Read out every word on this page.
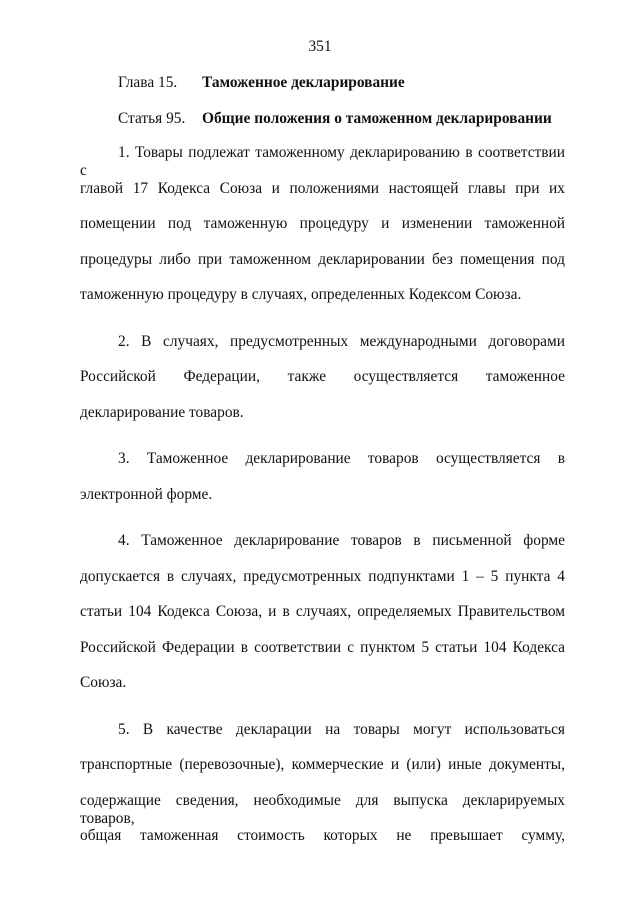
351
Глава 15. Таможенное декларирование
Статья 95. Общие положения о таможенном декларировании
1. Товары подлежат таможенному декларированию в соответствии с
главой 17 Кодекса Союза и положениями настоящей главы при их
помещении под таможенную процедуру и изменении таможенной
процедуры либо при таможенном декларировании без помещения под
таможенную процедуру в случаях, определенных Кодексом Союза.
2. В случаях, предусмотренных международными договорами
Российской Федерации, также осуществляется таможенное
декларирование товаров.
3. Таможенное декларирование товаров осуществляется в
электронной форме.
4. Таможенное декларирование товаров в письменной форме
допускается в случаях, предусмотренных подпунктами 1 – 5 пункта 4
статьи 104 Кодекса Союза, и в случаях, определяемых Правительством
Российской Федерации в соответствии с пунктом 5 статьи 104 Кодекса
Союза.
5. В качестве декларации на товары могут использоваться
транспортные (перевозочные), коммерческие и (или) иные документы,
содержащие сведения, необходимые для выпуска декларируемых товаров,
общая таможенная стоимость которых не превышает сумму,
